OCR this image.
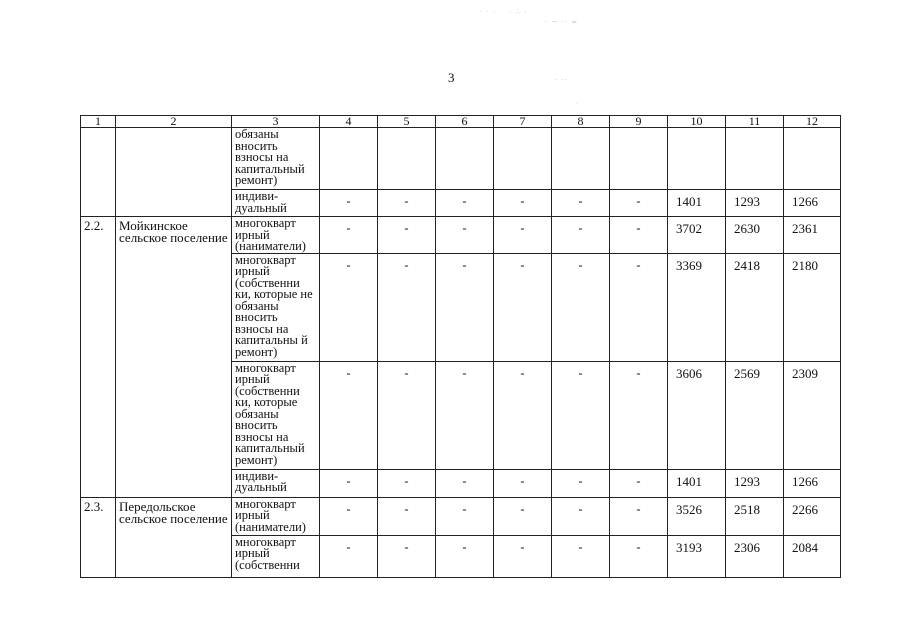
· · ·    · ∴ ·
· ~ ·· ≈
· ··
·
3
1	2	3	4	5	6	7	8	9	10	11	12
		обязаны вносить взносы на капитальный ремонт)									
		индиви-дуальный	-	-	-	-	-	-	1401	1293	1266
2.2.	Мойкинское сельское поселение	многокварт ирный (наниматели)	-	-	-	-	-	-	3702	2630	2361
		многокварт ирный (собственни ки, которые не обязаны вносить взносы на капитальны й ремонт)	-	-	-	-	-	-	3369	2418	2180
		многокварт ирный (собственни ки, которые обязаны вносить взносы на капитальный ремонт)	-	-	-	-	-	-	3606	2569	2309
		индиви-дуальный	-	-	-	-	-	-	1401	1293	1266
2.3.	Передольское сельское поселение	многокварт ирный (наниматели)	-	-	-	-	-	-	3526	2518	2266
		многокварт ирный (собственни	-	-	-	-	-	-	3193	2306	2084
